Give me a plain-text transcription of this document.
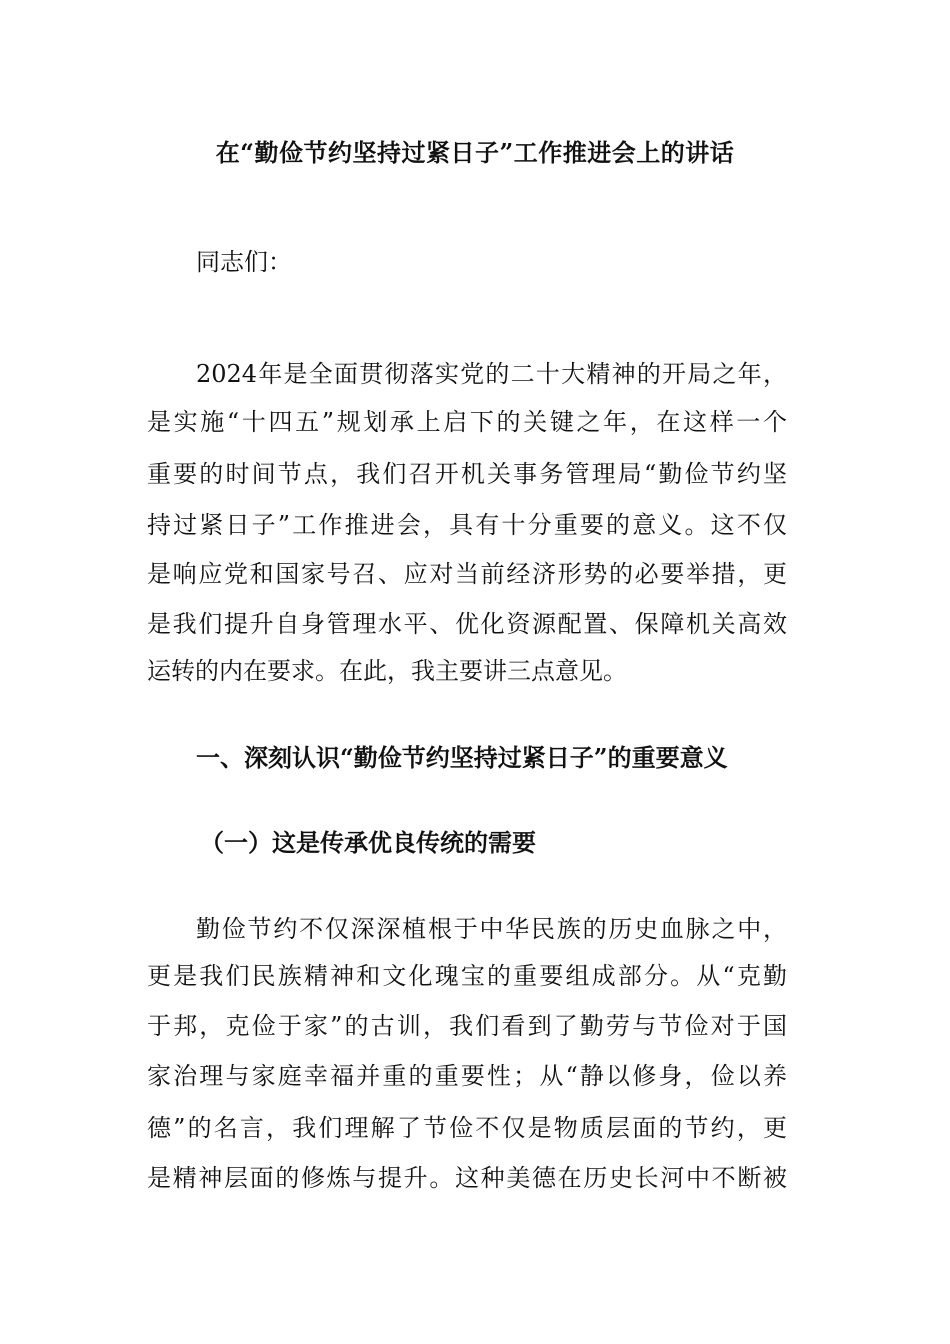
在“勤俭节约坚持过紧日子”工作推进会上的讲话
同志们：
2024年是全面贯彻落实党的二十大精神的开局之年，
是实施“十四五”规划承上启下的关键之年，在这样一个
重要的时间节点，我们召开机关事务管理局“勤俭节约坚
持过紧日子”工作推进会，具有十分重要的意义。这不仅
是响应党和国家号召、应对当前经济形势的必要举措，更
是我们提升自身管理水平、优化资源配置、保障机关高效
运转的内在要求。在此，我主要讲三点意见。
一、深刻认识“勤俭节约坚持过紧日子”的重要意义
（一）这是传承优良传统的需要
勤俭节约不仅深深植根于中华民族的历史血脉之中，
更是我们民族精神和文化瑰宝的重要组成部分。从“克勤
于邦，克俭于家”的古训，我们看到了勤劳与节俭对于国
家治理与家庭幸福并重的重要性；从“静以修身，俭以养
德”的名言，我们理解了节俭不仅是物质层面的节约，更
是精神层面的修炼与提升。这种美德在历史长河中不断被
